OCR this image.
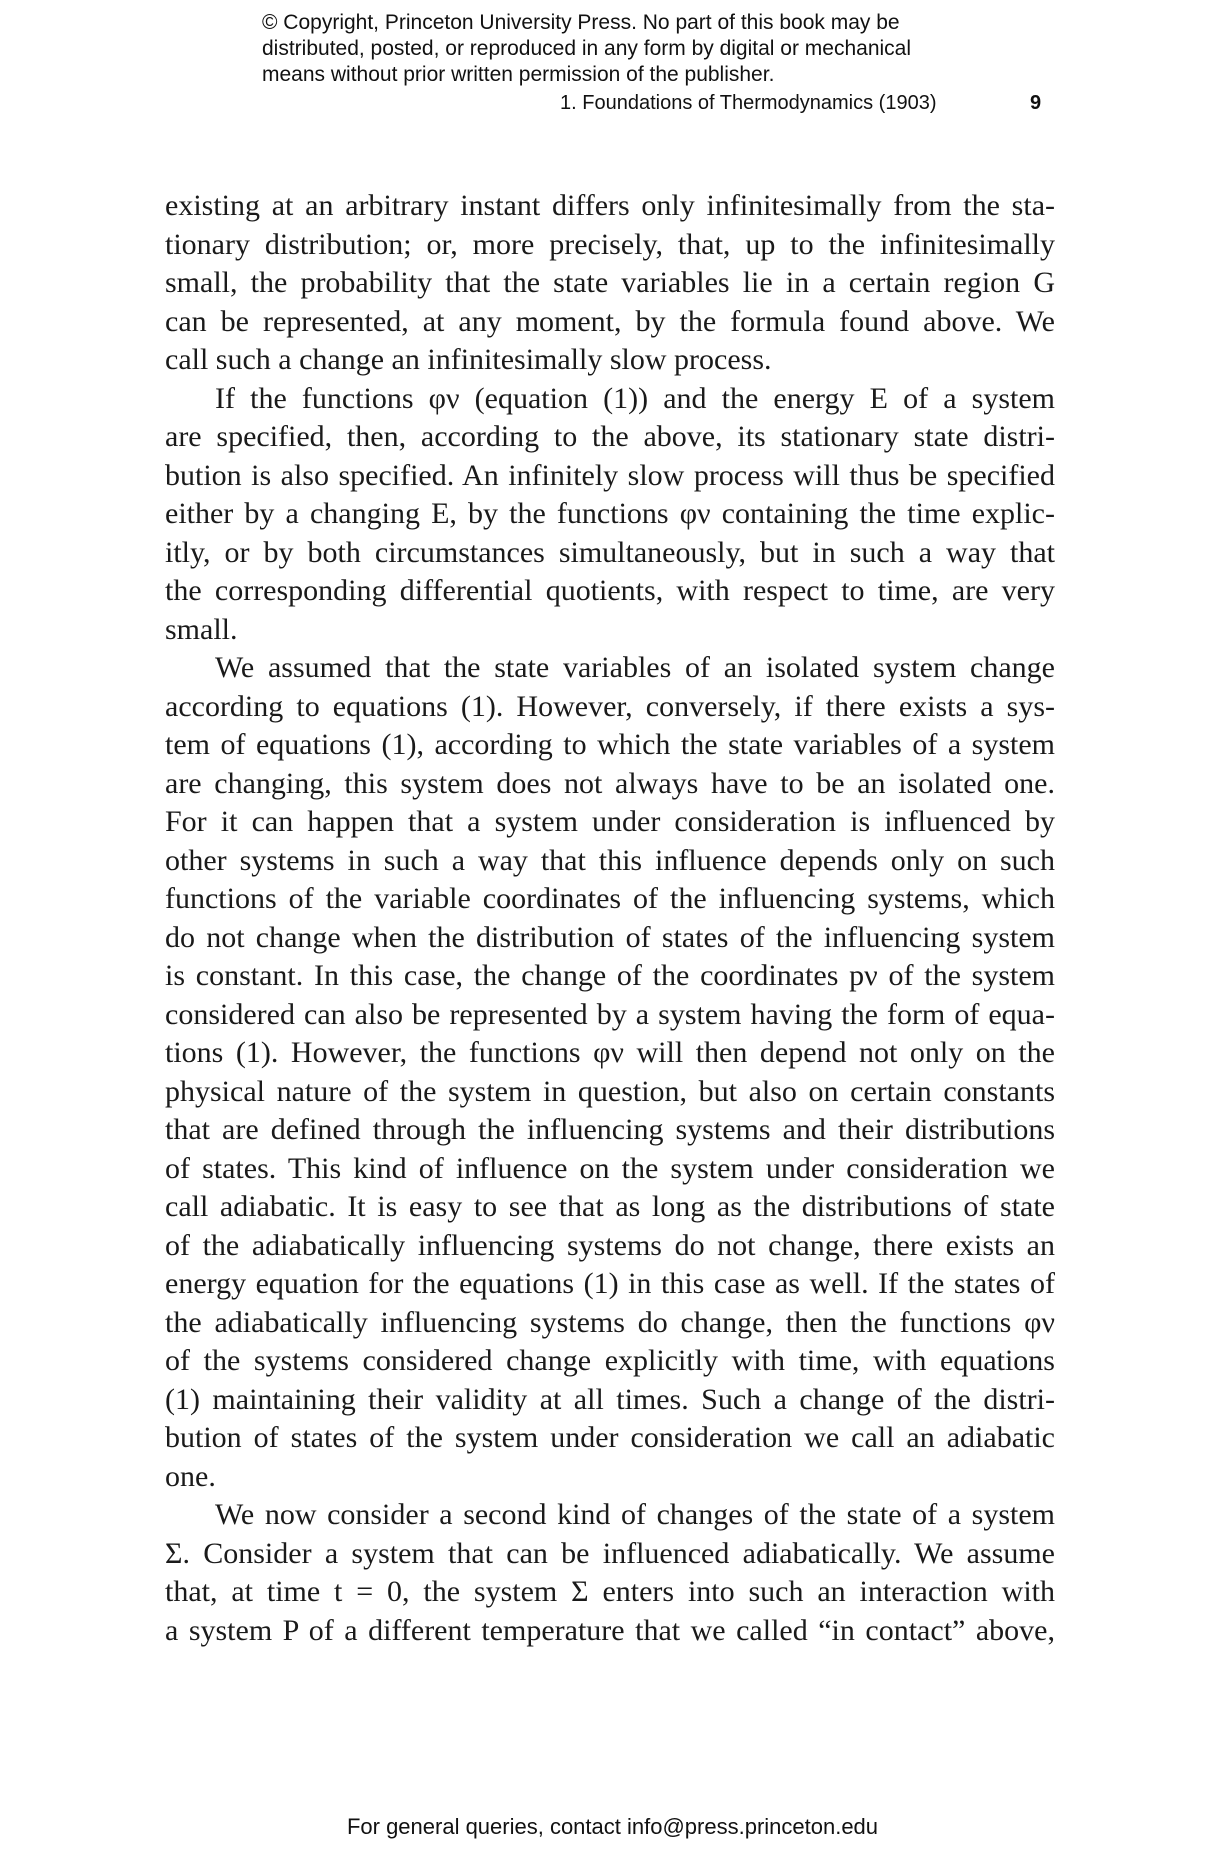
© Copyright, Princeton University Press. No part of this book may be
distributed, posted, or reproduced in any form by digital or mechanical
means without prior written permission of the publisher.
1. Foundations of Thermodynamics (1903)	9
existing at an arbitrary instant differs only infinitesimally from the sta-
tionary distribution; or, more precisely, that, up to the infinitesimally
small, the probability that the state variables lie in a certain region G
can be represented, at any moment, by the formula found above. We
call such a change an infinitesimally slow process.
If the functions φν (equation (1)) and the energy E of a system
are specified, then, according to the above, its stationary state distri-
bution is also specified. An infinitely slow process will thus be specified
either by a changing E, by the functions φν containing the time explic-
itly, or by both circumstances simultaneously, but in such a way that
the corresponding differential quotients, with respect to time, are very
small.
We assumed that the state variables of an isolated system change
according to equations (1). However, conversely, if there exists a sys-
tem of equations (1), according to which the state variables of a system
are changing, this system does not always have to be an isolated one.
For it can happen that a system under consideration is influenced by
other systems in such a way that this influence depends only on such
functions of the variable coordinates of the influencing systems, which
do not change when the distribution of states of the influencing system
is constant. In this case, the change of the coordinates pν of the system
considered can also be represented by a system having the form of equa-
tions (1). However, the functions φν will then depend not only on the
physical nature of the system in question, but also on certain constants
that are defined through the influencing systems and their distributions
of states. This kind of influence on the system under consideration we
call adiabatic. It is easy to see that as long as the distributions of state
of the adiabatically influencing systems do not change, there exists an
energy equation for the equations (1) in this case as well. If the states of
the adiabatically influencing systems do change, then the functions φν
of the systems considered change explicitly with time, with equations
(1) maintaining their validity at all times. Such a change of the distri-
bution of states of the system under consideration we call an adiabatic
one.
We now consider a second kind of changes of the state of a system
Σ. Consider a system that can be influenced adiabatically. We assume
that, at time t = 0, the system Σ enters into such an interaction with
a system P of a different temperature that we called “in contact” above,
For general queries, contact info@press.princeton.edu
